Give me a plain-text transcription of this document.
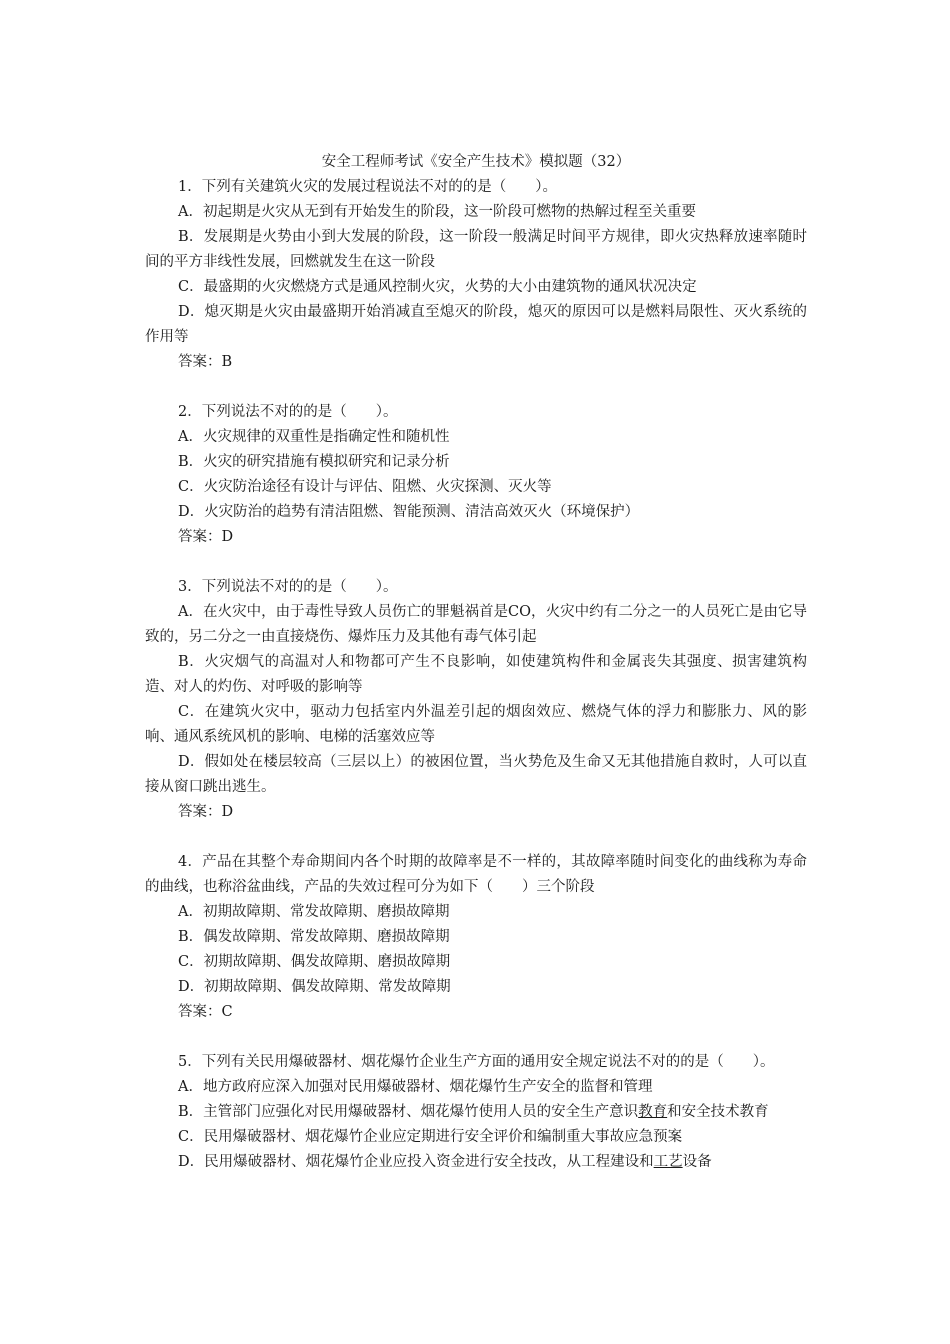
安全工程师考试《安全产生技术》模拟题（32）

1．下列有关建筑火灾的发展过程说法不对的的是（　　）。

A．初起期是火灾从无到有开始发生的阶段，这一阶段可燃物的热解过程至关重要

B．发展期是火势由小到大发展的阶段，这一阶段一般满足时间平方规律，即火灾热释放速率随时间的平方非线性发展，回燃就发生在这一阶段

C．最盛期的火灾燃烧方式是通风控制火灾，火势的大小由建筑物的通风状况决定

D．熄灭期是火灾由最盛期开始消减直至熄灭的阶段，熄灭的原因可以是燃料局限性、灭火系统的作用等

答案：B

2．下列说法不对的的是（　　）。

A．火灾规律的双重性是指确定性和随机性

B．火灾的研究措施有模拟研究和记录分析

C．火灾防治途径有设计与评估、阻燃、火灾探测、灭火等

D．火灾防治的趋势有清洁阻燃、智能预测、清洁高效灭火（环境保护）

答案：D

3．下列说法不对的的是（　　）。

A．在火灾中，由于毒性导致人员伤亡的罪魁祸首是CO，火灾中约有二分之一的人员死亡是由它导致的，另二分之一由直接烧伤、爆炸压力及其他有毒气体引起

B．火灾烟气的高温对人和物都可产生不良影响，如使建筑构件和金属丧失其强度、损害建筑构造、对人的灼伤、对呼吸的影响等

C．在建筑火灾中，驱动力包括室内外温差引起的烟囱效应、燃烧气体的浮力和膨胀力、风的影响、通风系统风机的影响、电梯的活塞效应等

D．假如处在楼层较高（三层以上）的被困位置，当火势危及生命又无其他措施自救时，人可以直接从窗口跳出逃生。

答案：D

4．产品在其整个寿命期间内各个时期的故障率是不一样的，其故障率随时间变化的曲线称为寿命的曲线，也称浴盆曲线，产品的失效过程可分为如下（　　）三个阶段

A．初期故障期、常发故障期、磨损故障期

B．偶发故障期、常发故障期、磨损故障期

C．初期故障期、偶发故障期、磨损故障期

D．初期故障期、偶发故障期、常发故障期

答案：C

5．下列有关民用爆破器材、烟花爆竹企业生产方面的通用安全规定说法不对的的是（　　）。

A．地方政府应深入加强对民用爆破器材、烟花爆竹生产安全的监督和管理

B．主管部门应强化对民用爆破器材、烟花爆竹使用人员的安全生产意识教育和安全技术教育

C．民用爆破器材、烟花爆竹企业应定期进行安全评价和编制重大事故应急预案

D．民用爆破器材、烟花爆竹企业应投入资金进行安全技改，从工程建设和工艺设备
